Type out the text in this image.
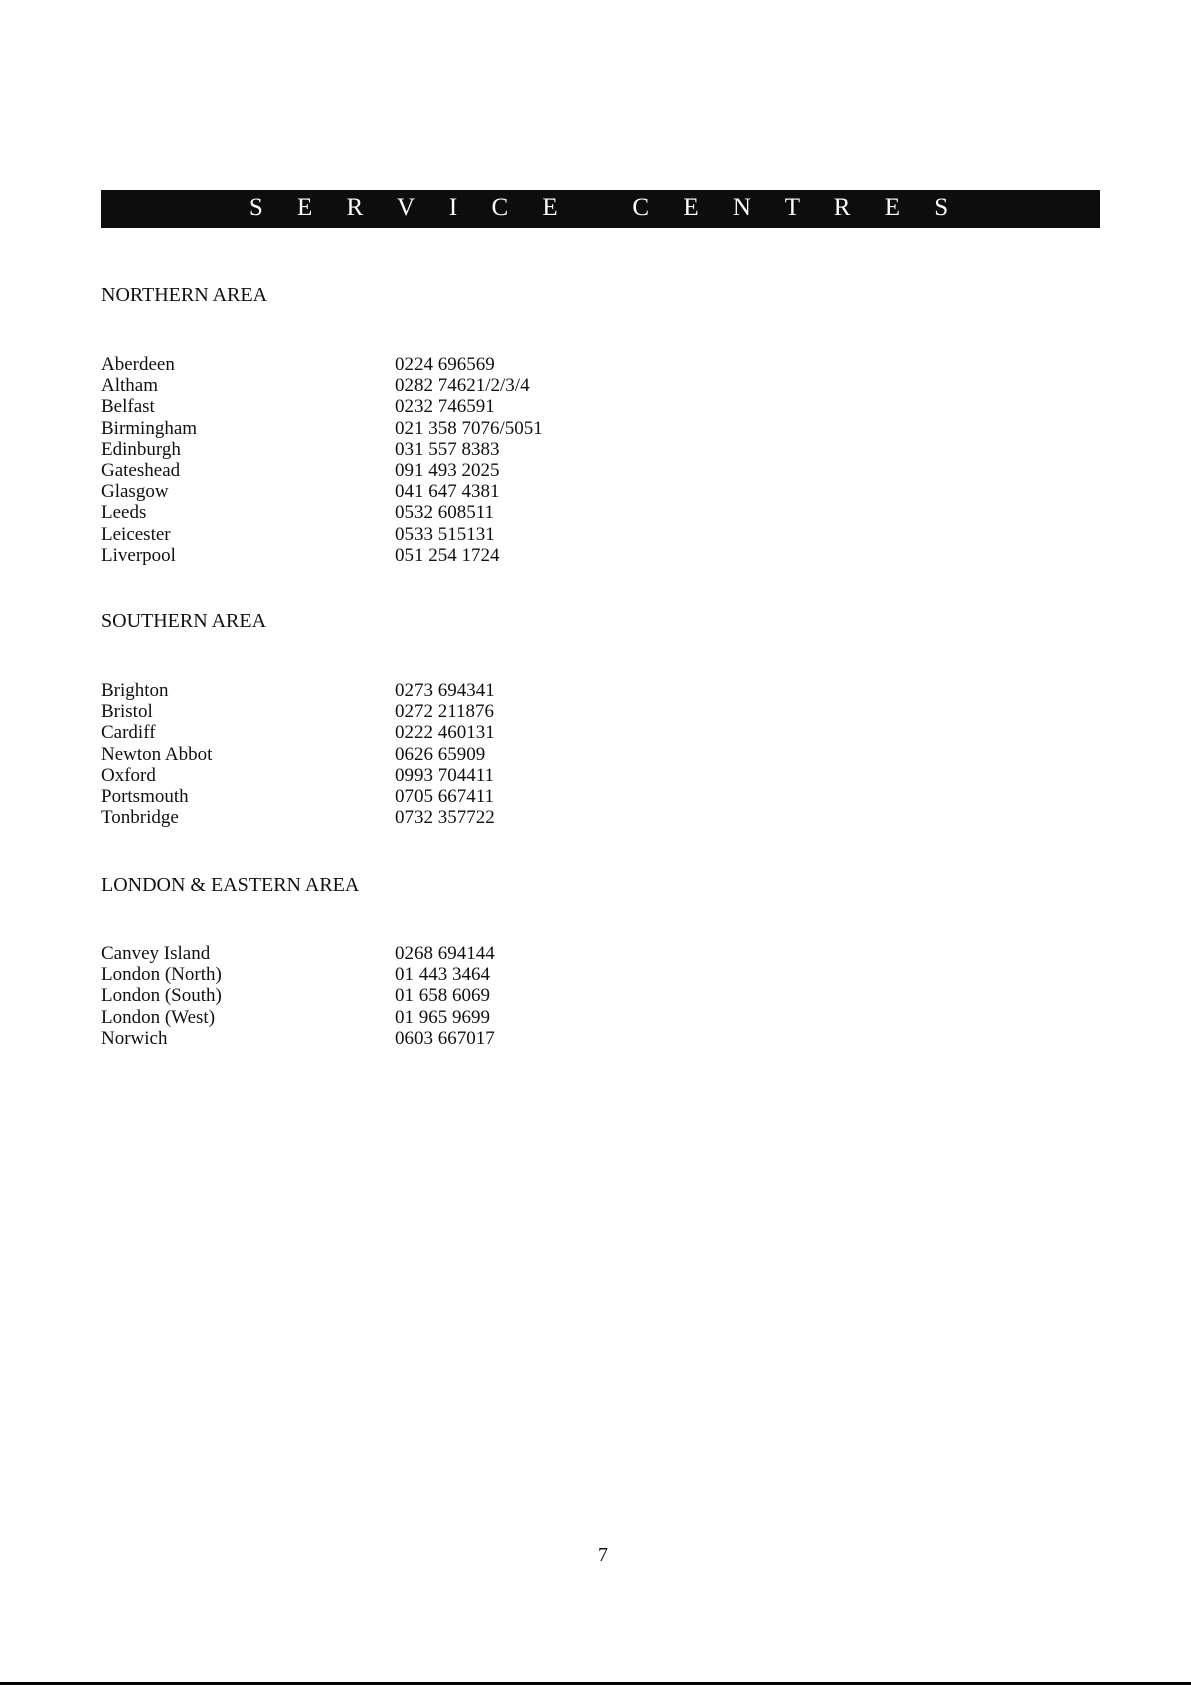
S E R V I C E   C E N T R E S
NORTHERN AREA
Aberdeen	0224 696569
Altham	0282 74621/2/3/4
Belfast	0232 746591
Birmingham	021 358 7076/5051
Edinburgh	031 557 8383
Gateshead	091 493 2025
Glasgow	041 647 4381
Leeds	0532 608511
Leicester	0533 515131
Liverpool	051 254 1724
SOUTHERN AREA
Brighton	0273 694341
Bristol	0272 211876
Cardiff	0222 460131
Newton Abbot	0626 65909
Oxford	0993 704411
Portsmouth	0705 667411
Tonbridge	0732 357722
LONDON & EASTERN AREA
Canvey Island	0268 694144
London (North)	01 443 3464
London (South)	01 658 6069
London (West)	01 965 9699
Norwich	0603 667017
7
